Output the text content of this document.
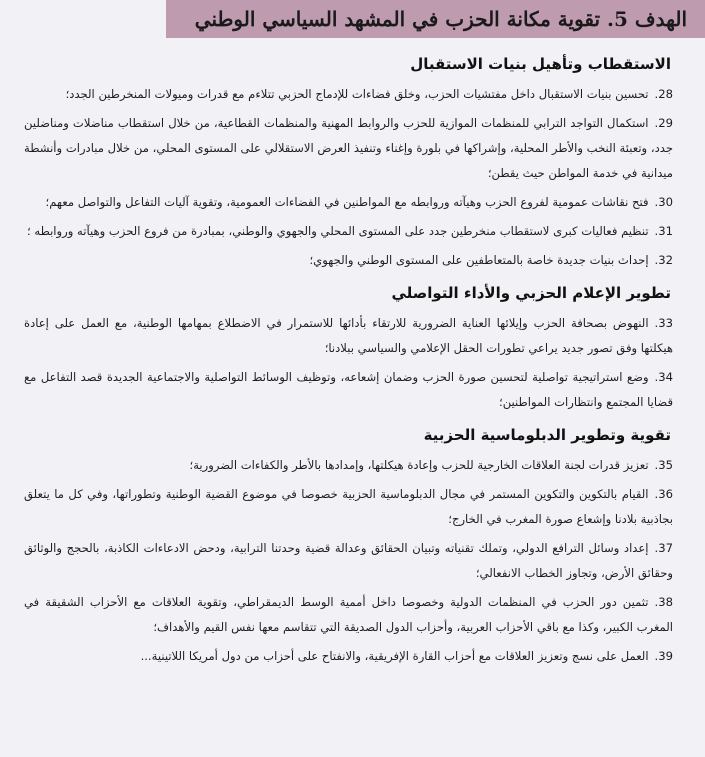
الهدف 5. تقوية مكانة الحزب في المشهد السياسي الوطني
الاستقطاب وتأهيل بنيات الاستقبال

28.تحسين بنيات الاستقبال داخل مفتشيات الحزب، وخلق فضاءات للإدماج الحزبي تتلاءم مع قدرات وميولات المنخرطين الجدد؛

29.استكمال التواجد الترابي للمنظمات الموازية للحزب والروابط المهنية والمنظمات القطاعية، من خلال استقطاب مناضلات ومناضلين جدد، وتعبئة النخب والأطر المحلية، وإشراكها في بلورة وإغناء وتنفيذ العرض الاستقلالي على المستوى المحلي، من خلال مبادرات وأنشطة ميدانية في خدمة المواطن حيث يقطن؛

30.فتح نقاشات عمومية لفروع الحزب وهيآته وروابطه مع المواطنين في الفضاءات العمومية، وتقوية آليات التفاعل والتواصل معهم؛

31.تنظيم فعاليات كبرى لاستقطاب منخرطين جدد على المستوى المحلي والجهوي والوطني، بمبادرة من فروع الحزب وهيآته وروابطه ؛

32.إحداث بنيات جديدة خاصة بالمتعاطفين على المستوى الوطني والجهوي؛

تطوير الإعلام الحزبي والأداء التواصلي

33.النهوض بصحافة الحزب وإيلائها العناية الضرورية للارتقاء بأدائها للاستمرار في الاضطلاع بمهامها الوطنية، مع العمل على إعادة هيكلتها وفق تصور جديد يراعي تطورات الحقل الإعلامي والسياسي ببلادنا؛

34.وضع استراتيجية تواصلية لتحسين صورة الحزب وضمان إشعاعه، وتوظيف الوسائط التواصلية والاجتماعية الجديدة قصد التفاعل مع قضايا المجتمع وانتظارات المواطنين؛

تقوية وتطوير الدبلوماسية الحزبية

35.تعزيز قدرات لجنة العلاقات الخارجية للحزب وإعادة هيكلتها، وإمدادها بالأطر والكفاءات الضرورية؛

36.القيام بالتكوين والتكوين المستمر في مجال الدبلوماسية الحزبية خصوصا في موضوع القضية الوطنية وتطوراتها، وفي كل ما يتعلق بجاذبية بلادنا وإشعاع صورة المغرب في الخارج؛

37.إعداد وسائل الترافع الدولي، وتملك تقنياته وتبيان الحقائق وعدالة قضية وحدتنا الترابية، ودحض الادعاءات الكاذبة، بالحجج والوثائق وحقائق الأرض، وتجاوز الخطاب الانفعالي؛

38.تثمين دور الحزب في المنظمات الدولية وخصوصا داخل أممية الوسط الديمقراطي، وتقوية العلاقات مع الأحزاب الشقيقة في المغرب الكبير، وكذا مع باقي الأحزاب العربية، وأحزاب الدول الصديقة التي تتقاسم معها نفس القيم والأهداف؛

39.العمل على نسج وتعزيز العلاقات مع أحزاب القارة الإفريقية، والانفتاح على أحزاب من دول أمريكا اللاتينية...
